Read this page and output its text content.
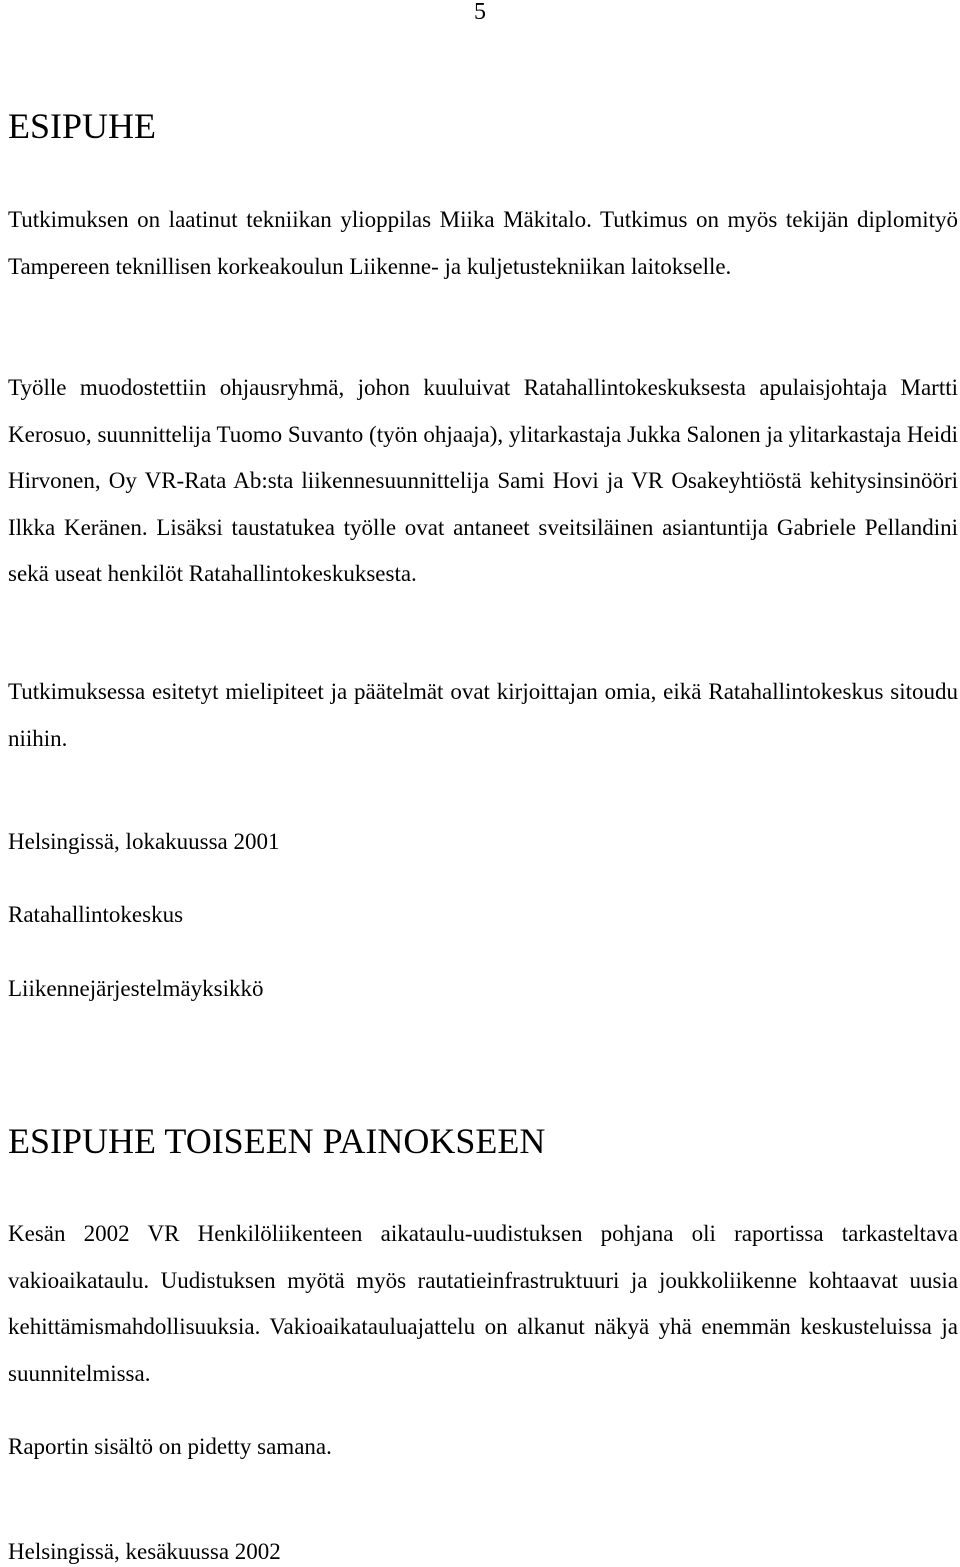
5
ESIPUHE

Tutkimuksen on laatinut tekniikan ylioppilas Miika Mäkitalo. Tutkimus on myös tekijän diplomityö Tampereen teknillisen korkeakoulun Liikenne- ja kuljetustekniikan laitokselle.

Työlle muodostettiin ohjausryhmä, johon kuuluivat Ratahallintokeskuksesta apulaisjohtaja Martti Kerosuo, suunnittelija Tuomo Suvanto (työn ohjaaja), ylitarkastaja Jukka Salonen ja ylitarkastaja Heidi Hirvonen, Oy VR-Rata Ab:sta liikennesuunnittelija Sami Hovi ja VR Osakeyhtiöstä kehitysinsinööri Ilkka Keränen. Lisäksi taustatukea työlle ovat antaneet sveitsiläinen asiantuntija Gabriele Pellandini sekä useat henkilöt Ratahallintokeskuksesta.

Tutkimuksessa esitetyt mielipiteet ja päätelmät ovat kirjoittajan omia, eikä Ratahallintokeskus sitoudu niihin.

Helsingissä, lokakuussa 2001
Ratahallintokeskus
Liikennejärjestelmäyksikkö
ESIPUHE TOISEEN PAINOKSEEN

Kesän 2002 VR Henkilöliikenteen aikataulu-uudistuksen pohjana oli raportissa tarkasteltava vakioaikataulu. Uudistuksen myötä myös rautatieinfrastruktuuri ja joukkoliikenne kohtaavat uusia kehittämismahdollisuuksia. Vakioaikatauluajattelu on alkanut näkyä yhä enemmän keskusteluissa ja suunnitelmissa.

Raportin sisältö on pidetty samana.

Helsingissä, kesäkuussa 2002
